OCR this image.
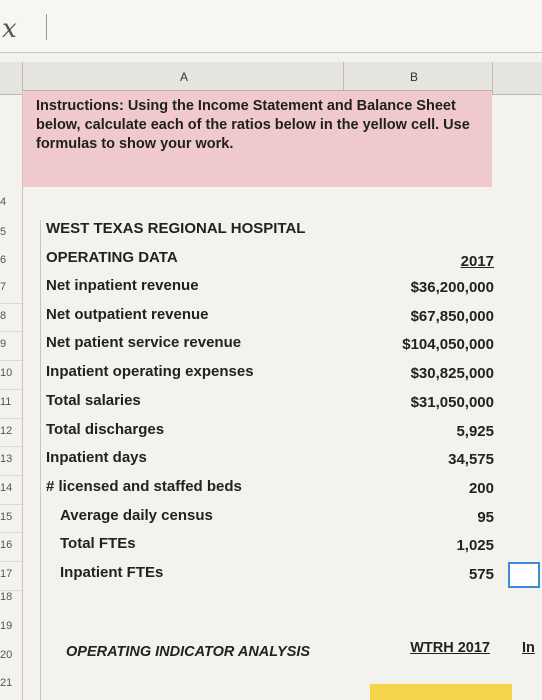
x
A	B
Instructions: Using the Income Statement and Balance Sheet below, calculate each of the ratios below in the yellow cell. Use formulas to show your work.
4
5
6
WEST TEXAS REGIONAL HOSPITAL
OPERATING DATA	2017
7	Net inpatient revenue	$36,200,000
8	Net outpatient revenue	$67,850,000
9	Net patient service revenue	$104,050,000
10	Inpatient operating expenses	$30,825,000
11	Total salaries	$31,050,000
12	Total discharges	5,925
13	Inpatient days	34,575
14	# licensed and staffed beds	200
15	Average daily census	95
16	Total FTEs	1,025
17	Inpatient FTEs	575
18
19
20	OPERATING INDICATOR ANALYSIS	WTRH 2017 In
21
